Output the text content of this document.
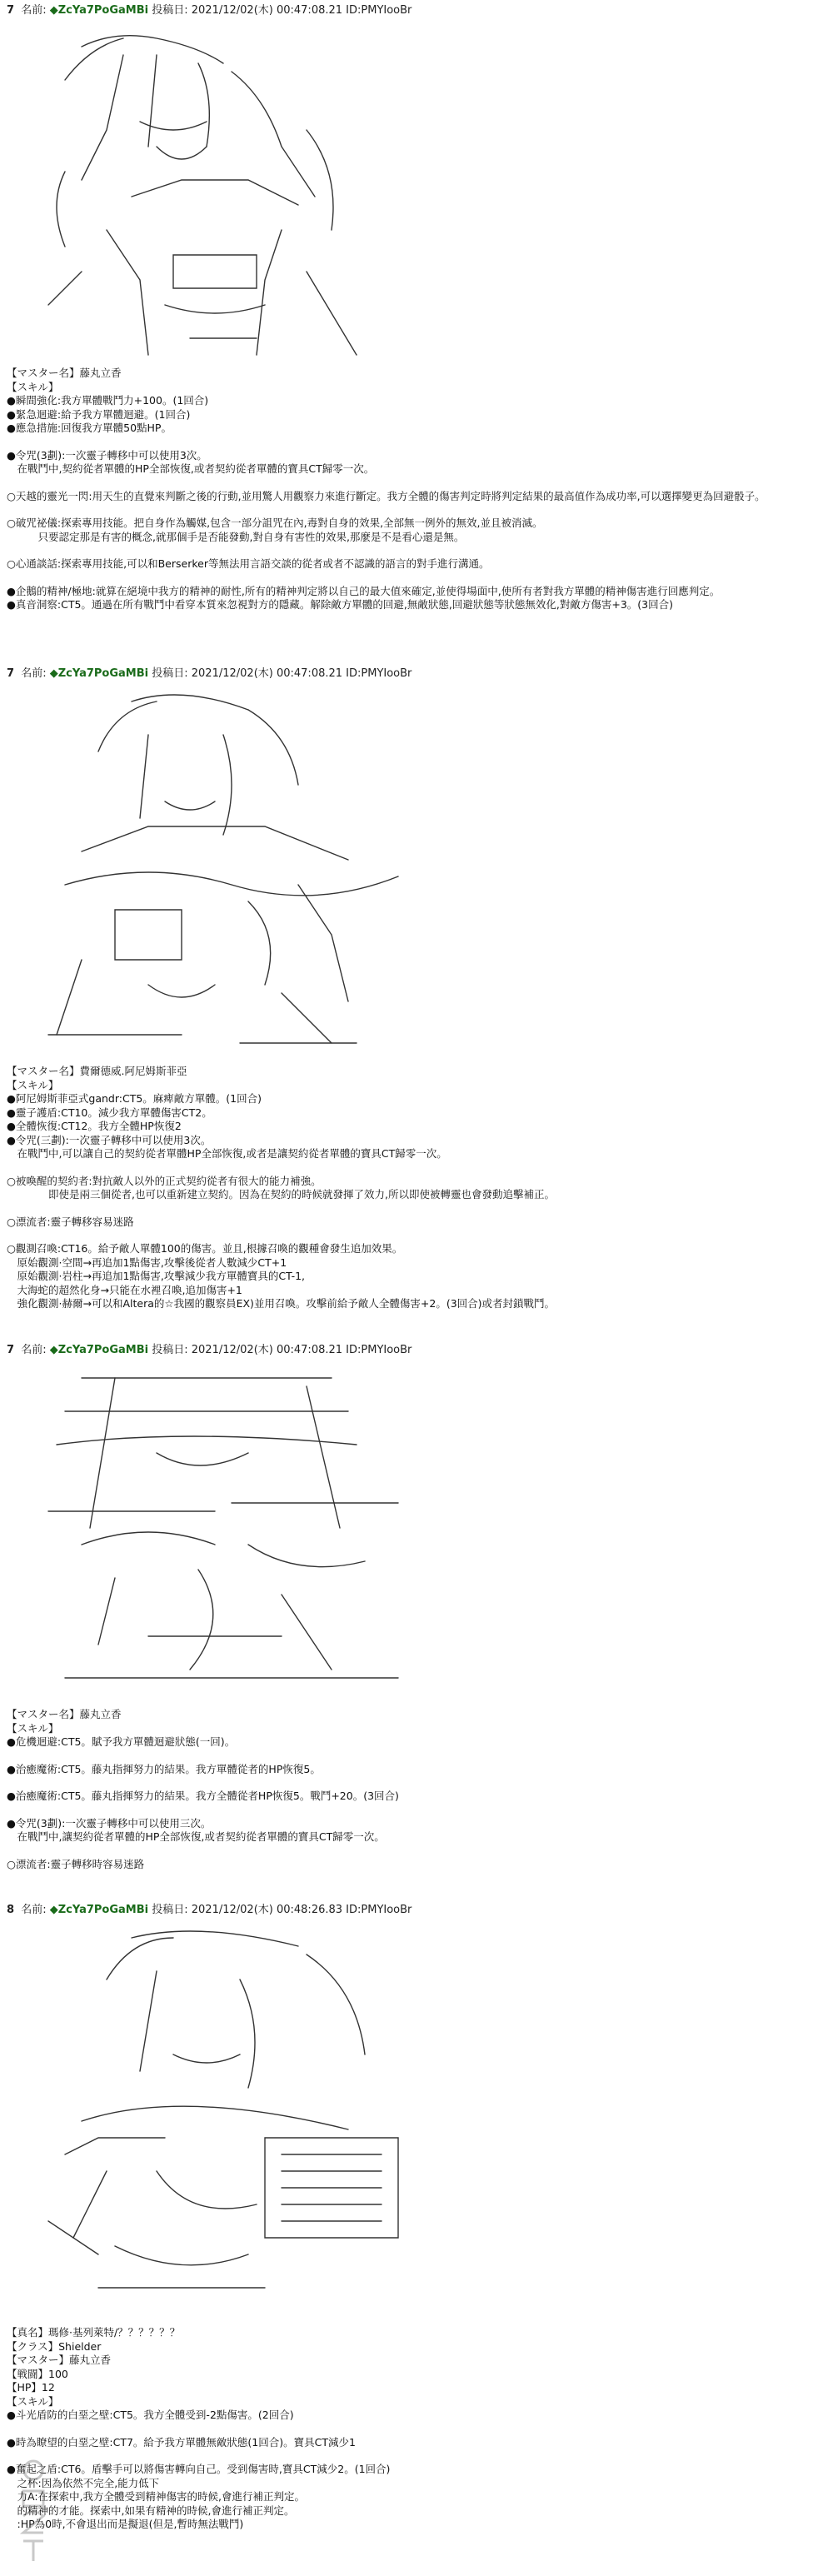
7 名前: ◆ZcYa7PoGaMBi 投稿日: 2021/12/02(木) 00:47:08.21 ID:PMYIooBr
【マスター名】藤丸立香
【スキル】
●瞬間強化:我方單體戰鬥力+100。(1回合)
●緊急迴避:給予我方單體迴避。(1回合)
●應急措施:回復我方單體50點HP。
●令咒(3劃):一次靈子轉移中可以使用3次。
　在戰鬥中,契約從者單體的HP全部恢復,或者契約從者單體的寶具CT歸零一次。
○天越的靈光一閃:用天生的直覺來判斷之後的行動,並用驚人用觀察力來進行斷定。我方全體的傷害判定時將判定結果的最高值作為成功率,可以選擇變更為回避骰子。
○破咒祕儀:探索專用技能。把自身作為觸媒,包含一部分詛咒在內,毒對自身的效果,全部無一例外的無效,並且被消滅。
　　　只要認定那是有害的概念,就那個手是否能發動,對自身有害性的效果,那麼是不是看心還是無。
○心通談話:探索專用技能,可以和Berserker等無法用言語交談的從者或者不認識的語言的對手進行溝通。
●企鵝的精神/極地:就算在絕境中我方的精神的耐性,所有的精神判定將以自己的最大值來確定,並使得場面中,使所有者對我方單體的精神傷害進行回應判定。
●真音洞察:CT5。通過在所有戰鬥中看穿本質來忽視對方的隱藏。解除敵方單體的回避,無敵狀態,回避狀態等狀態無效化,對敵方傷害+3。(3回合)
7 名前: ◆ZcYa7PoGaMBi 投稿日: 2021/12/02(木) 00:47:08.21 ID:PMYIooBr
【マスター名】費爾德威.阿尼姆斯菲亞
【スキル】
●阿尼姆斯菲亞式gandr:CT5。麻痺敵方單體。(1回合)
●靈子護盾:CT10。減少我方單體傷害CT2。
●全體恢復:CT12。我方全體HP恢復2
●令咒(三劃):一次靈子轉移中可以使用3次。
　在戰鬥中,可以讓自己的契約從者單體HP全部恢復,或者是讓契約從者單體的寶具CT歸零一次。
○被喚醒的契約者:對抗敵人以外的正式契約從者有很大的能力補強。
　　　　即使是兩三個從者,也可以重新建立契約。因為在契約的時候就發揮了效力,所以即使被轉靈也會發動追擊補正。
○漂流者:靈子轉移容易迷路
○觀測召喚:CT16。給予敵人單體100的傷害。並且,根據召喚的觀種會發生追加效果。
　原始觀測·空間→再追加1點傷害,攻擊後從者人數減少CT+1
　原始觀測·岩柱→再追加1點傷害,攻擊減少我方單體寶具的CT-1,
　大海蛇的超然化身→只能在水裡召喚,追加傷害+1
　強化觀測·赫爾→可以和Altera的☆我國的觀察員EX)並用召喚。攻擊前給予敵人全體傷害+2。(3回合)或者封鎖戰鬥。
7 名前: ◆ZcYa7PoGaMBi 投稿日: 2021/12/02(木) 00:47:08.21 ID:PMYIooBr
【マスター名】藤丸立香
【スキル】
●危機迴避:CT5。賦予我方單體迴避狀態(一回)。
●治癒魔術:CT5。藤丸指揮努力的結果。我方單體從者的HP恢復5。
●治癒魔術:CT5。藤丸指揮努力的結果。我方全體從者HP恢復5。戰鬥+20。(3回合)
●令咒(3劃):一次靈子轉移中可以使用三次。
　在戰鬥中,讓契約從者單體的HP全部恢復,或者契約從者單體的寶具CT歸零一次。
○漂流者:靈子轉移時容易迷路
8 名前: ◆ZcYa7PoGaMBi 投稿日: 2021/12/02(木) 00:48:26.83 ID:PMYIooBr
【真名】瑪修·基列萊特/？？？？？？
【クラス】Shielder
【マスター】藤丸立香
【戦闘】100
【HP】12
【スキル】
●斗光盾防的白堊之壁:CT5。我方全體受到-2點傷害。(2回合)
●時為瞭望的白堊之壁:CT7。給予我方單體無敵狀態(1回合)。寶具CT減少1
●奮起之盾:CT6。盾擊手可以將傷害轉向自己。受到傷害時,寶具CT減少2。(1回合)
　之杯:因為依然不完全,能力低下
　力A:在探索中,我方全體受到精神傷害的時候,會進行補正判定。
　的精神的才能。探索中,如果有精神的時候,會進行補正判定。
　:HP為0時,不會退出而是擬退(但是,暫時無法戰鬥)
